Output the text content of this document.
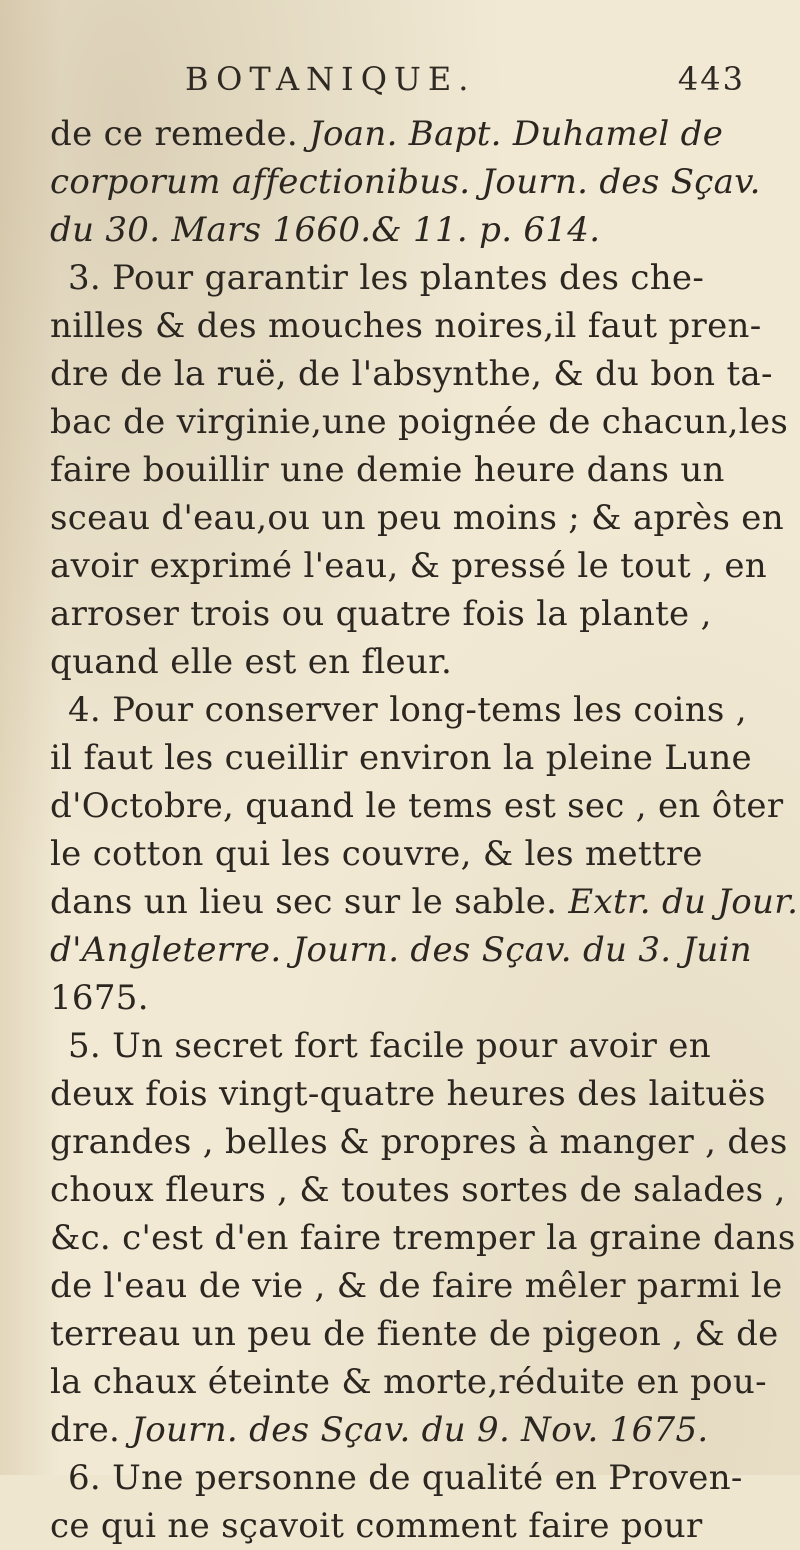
BOTANIQUE.	443
de ce remede. Joan. Bapt. Duhamel de
corporum affectionibus. Journ. des Sçav.
du 30. Mars 1660.& 11. p. 614.
3. Pour garantir les plantes des che-
nilles & des mouches noires,il faut pren-
dre de la ruë, de l'absynthe, & du bon ta-
bac de virginie,une poignée de chacun,les
faire bouillir une demie heure dans un
sceau d'eau,ou un peu moins ; & après en
avoir exprimé l'eau, & pressé le tout , en
arroser trois ou quatre fois la plante ,
quand elle est en fleur.
4. Pour conserver long-tems les coins ,
il faut les cueillir environ la pleine Lune
d'Octobre, quand le tems est sec , en ôter
le cotton qui les couvre, & les mettre
dans un lieu sec sur le sable. Extr. du Jour.
d'Angleterre. Journ. des Sçav. du 3. Juin
1675.
5. Un secret fort facile pour avoir en
deux fois vingt-quatre heures des laituës
grandes , belles & propres à manger , des
choux fleurs , & toutes sortes de salades ,
&c. c'est d'en faire tremper la graine dans
de l'eau de vie , & de faire mêler parmi le
terreau un peu de fiente de pigeon , & de
la chaux éteinte & morte,réduite en pou-
dre. Journ. des Sçav. du 9. Nov. 1675.
6. Une personne de qualité en Proven-
ce qui ne sçavoit comment faire pour
